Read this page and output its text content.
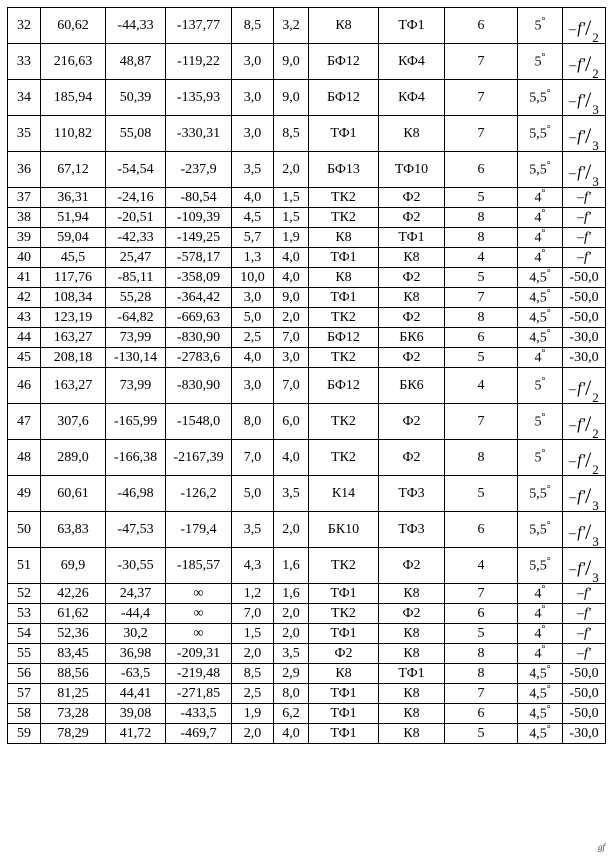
32	60,62	-44,33	-137,77	8,5	3,2	К8	ТФ1	6	5°	–f'/2
33	216,63	48,87	-119,22	3,0	9,0	БФ12	КФ4	7	5°	–f'/2
34	185,94	50,39	-135,93	3,0	9,0	БФ12	КФ4	7	5,5°	–f'/3
35	110,82	55,08	-330,31	3,0	8,5	ТФ1	К8	7	5,5°	–f'/3
36	67,12	-54,54	-237,9	3,5	2,0	БФ13	ТФ10	6	5,5°	–f'/3
37	36,31	-24,16	-80,54	4,0	1,5	ТК2	Ф2	5	4°	–f'
38	51,94	-20,51	-109,39	4,5	1,5	ТК2	Ф2	8	4°	–f'
39	59,04	-42,33	-149,25	5,7	1,9	К8	ТФ1	8	4°	–f'
40	45,5	25,47	-578,17	1,3	4,0	ТФ1	К8	4	4°	–f'
41	117,76	-85,11	-358,09	10,0	4,0	К8	Ф2	5	4,5°	-50,0
42	108,34	55,28	-364,42	3,0	9,0	ТФ1	К8	7	4,5°	-50,0
43	123,19	-64,82	-669,63	5,0	2,0	ТК2	Ф2	8	4,5°	-50,0
44	163,27	73,99	-830,90	2,5	7,0	БФ12	БК6	6	4,5°	-30,0
45	208,18	-130,14	-2783,6	4,0	3,0	ТК2	Ф2	5	4°	-30,0
46	163,27	73,99	-830,90	3,0	7,0	БФ12	БК6	4	5°	–f'/2
47	307,6	-165,99	-1548,0	8,0	6,0	ТК2	Ф2	7	5°	–f'/2
48	289,0	-166,38	-2167,39	7,0	4,0	ТК2	Ф2	8	5°	–f'/2
49	60,61	-46,98	-126,2	5,0	3,5	К14	ТФ3	5	5,5°	–f'/3
50	63,83	-47,53	-179,4	3,5	2,0	БК10	ТФ3	6	5,5°	–f'/3
51	69,9	-30,55	-185,57	4,3	1,6	ТК2	Ф2	4	5,5°	–f'/3
52	42,26	24,37	∞	1,2	1,6	ТФ1	К8	7	4°	–f'
53	61,62	-44,4	∞	7,0	2,0	ТК2	Ф2	6	4°	–f'
54	52,36	30,2	∞	1,5	2,0	ТФ1	К8	5	4°	–f'
55	83,45	36,98	-209,31	2,0	3,5	Ф2	К8	8	4°	–f'
56	88,56	-63,5	-219,48	8,5	2,9	К8	ТФ1	8	4,5°	-50,0
57	81,25	44,41	-271,85	2,5	8,0	ТФ1	К8	7	4,5°	-50,0
58	73,28	39,08	-433,5	1,9	6,2	ТФ1	К8	6	4,5°	-50,0
59	78,29	41,72	-469,7	2,0	4,0	ТФ1	К8	5	4,5°	-30,0
gf
